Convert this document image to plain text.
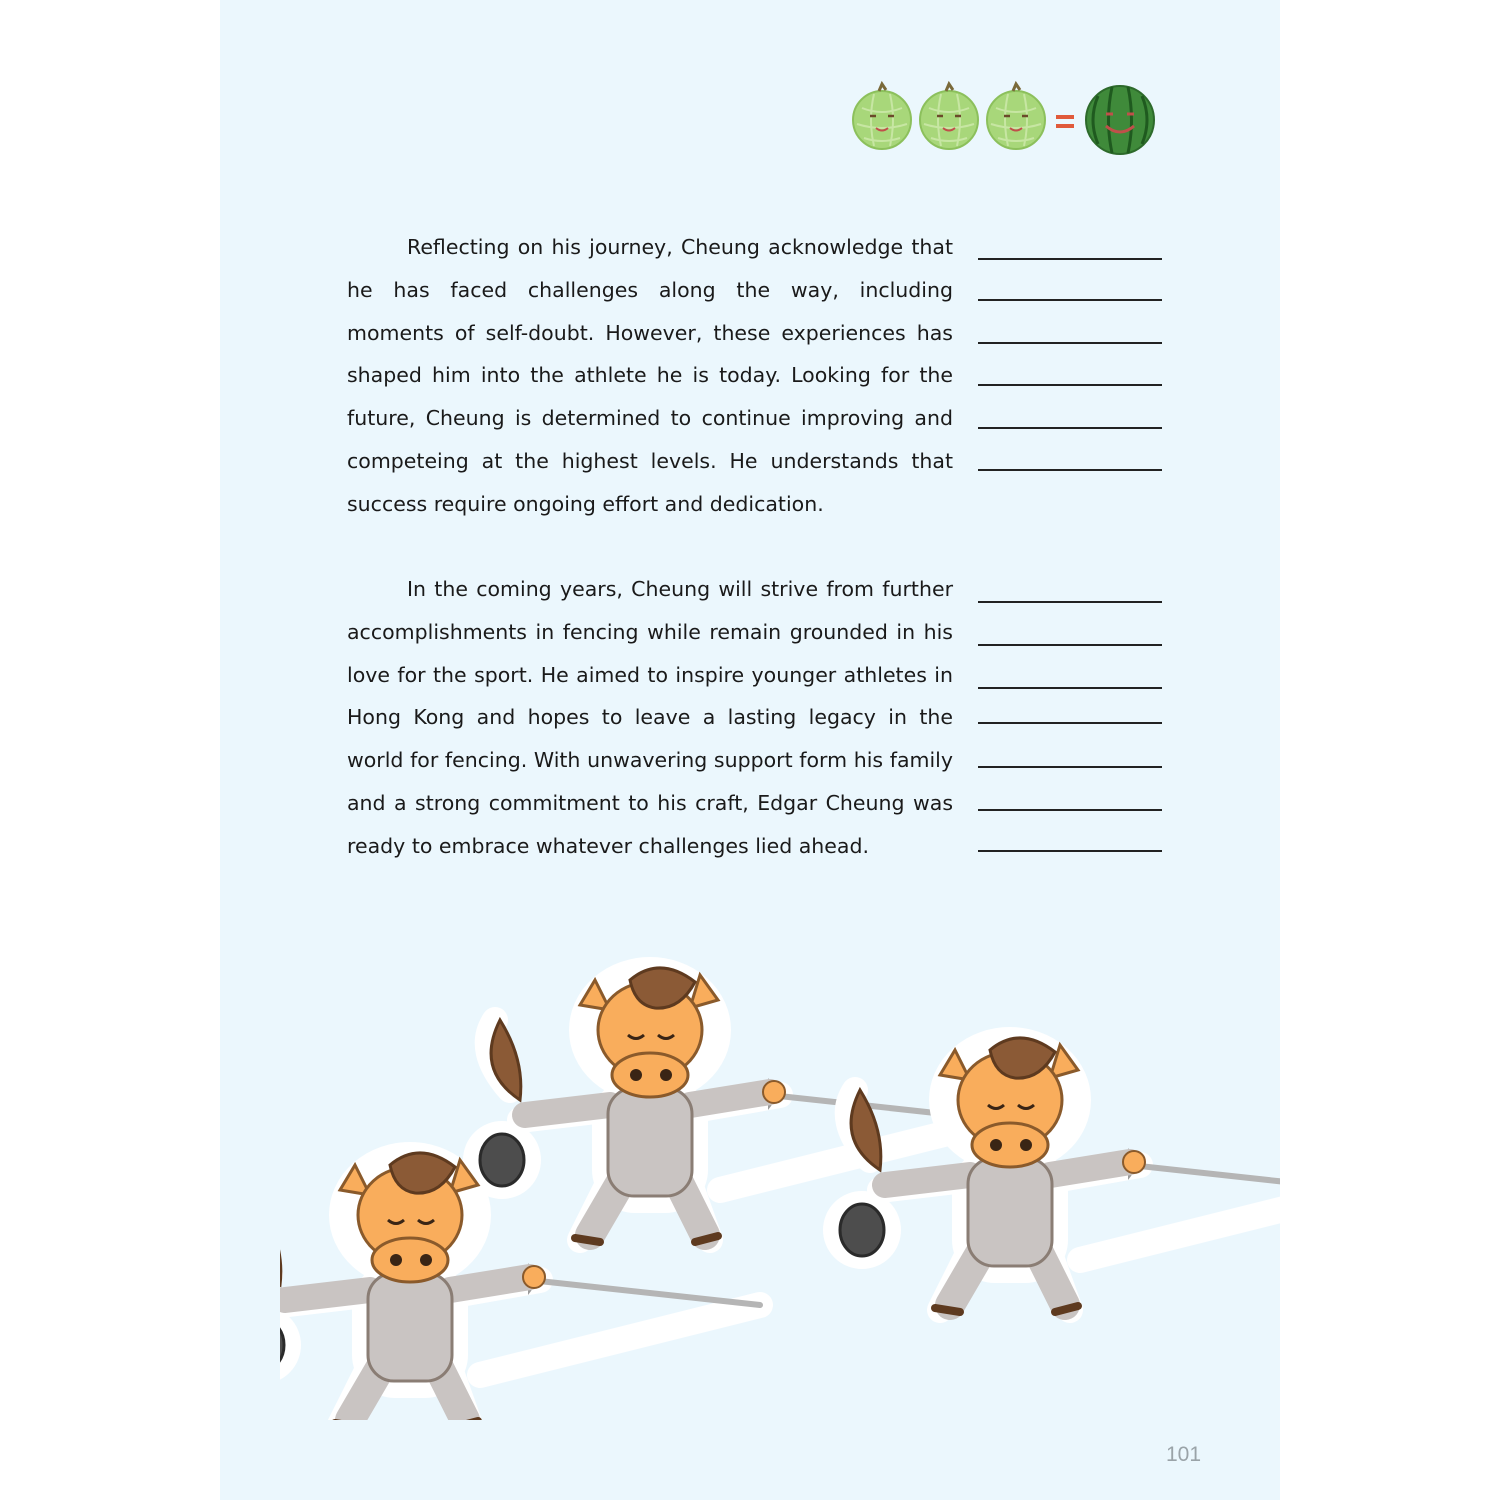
Reflecting on his journey, Cheung acknowledge that he has faced challenges along the way, including moments of self-doubt. However, these experiences has shaped him into the athlete he is today. Looking for the future, Cheung is determined to continue improving and competeing at the highest levels. He understands that success require ongoing effort and dedication.

In the coming years, Cheung will strive from further accomplishments in fencing while remain grounded in his love for the sport. He aimed to inspire younger athletes in Hong Kong and hopes to leave a lasting legacy in the world for fencing. With unwavering support form his family and a strong commitment to his craft, Edgar Cheung was ready to embrace whatever challenges lied ahead.

101
